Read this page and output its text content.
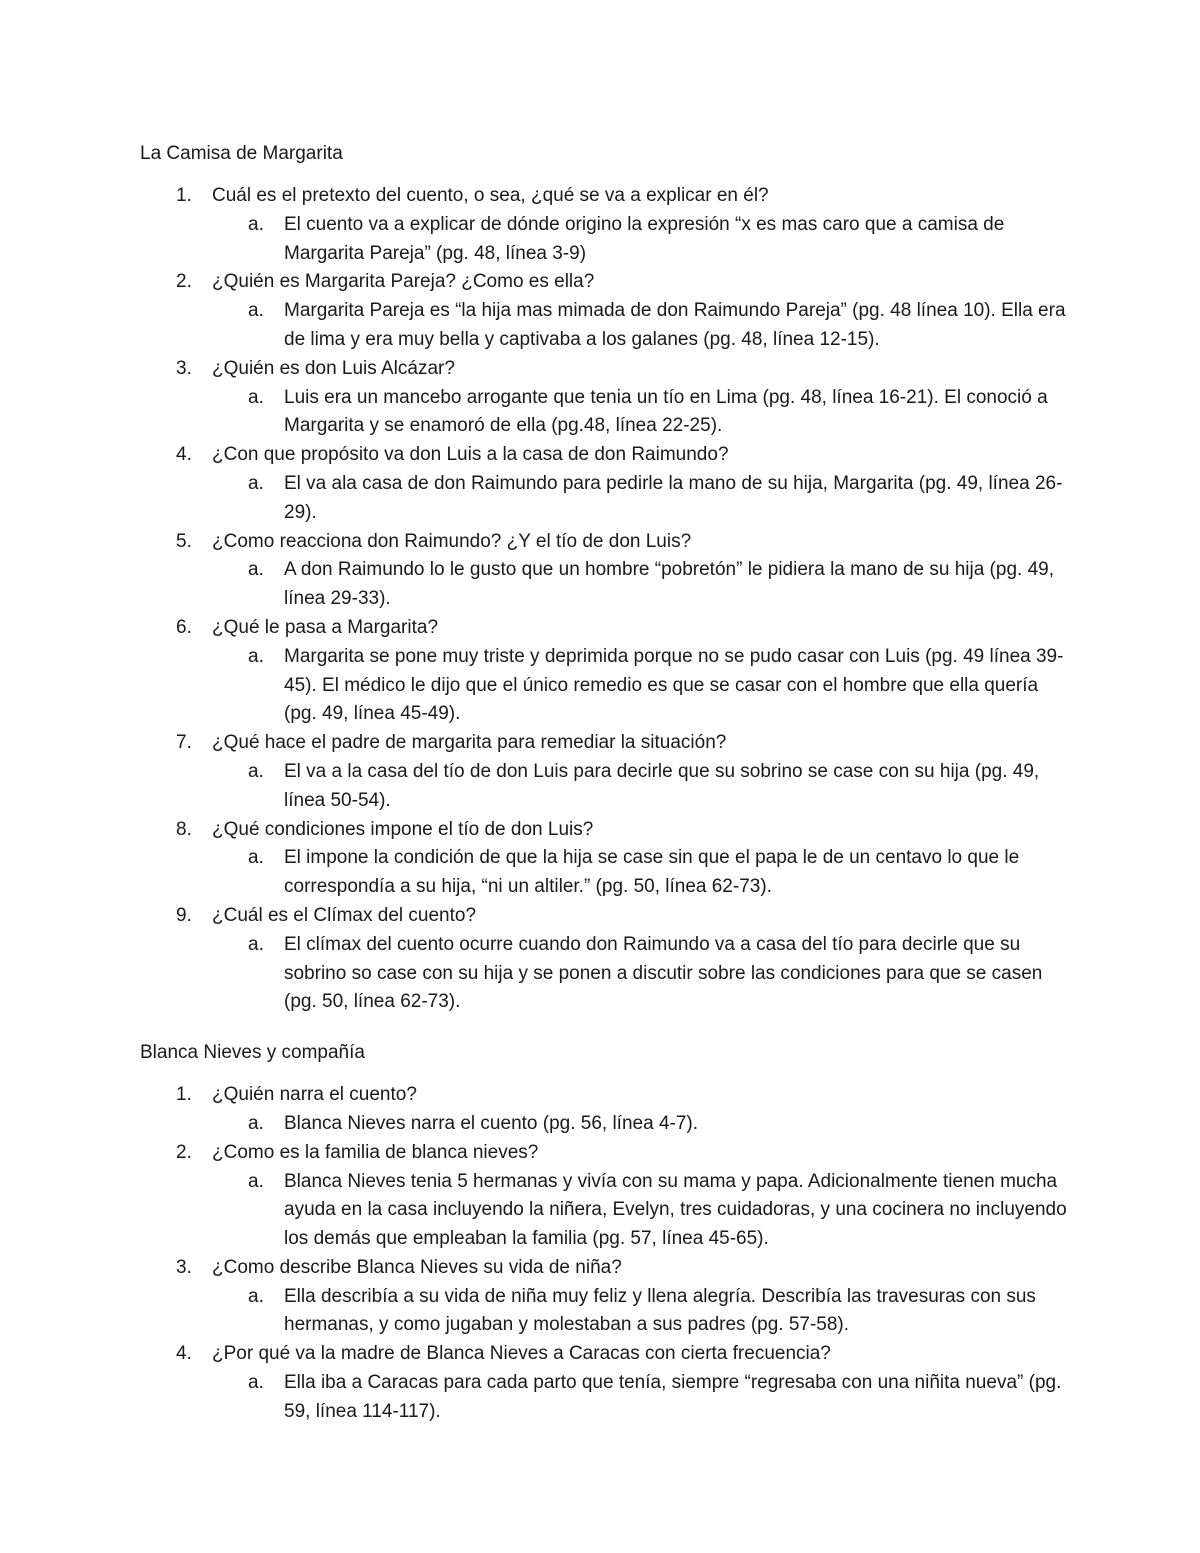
La Camisa de Margarita
1. Cuál es el pretexto del cuento, o sea, ¿qué se va a explicar en él?
a. El cuento va a explicar de dónde origino la expresión “x es mas caro que a camisa de Margarita Pareja” (pg. 48, línea 3-9)
2. ¿Quién es Margarita Pareja? ¿Como es ella?
a. Margarita Pareja es “la hija mas mimada de don Raimundo Pareja” (pg. 48 línea 10). Ella era de lima y era muy bella y captivaba a los galanes (pg. 48, línea 12-15).
3. ¿Quién es don Luis Alcázar?
a. Luis era un mancebo arrogante que tenia un tío en Lima (pg. 48, línea 16-21). El conoció a Margarita y se enamoró de ella (pg.48, línea 22-25).
4. ¿Con que propósito va don Luis a la casa de don Raimundo?
a. El va ala casa de don Raimundo para pedirle la mano de su hija, Margarita (pg. 49, línea 26-29).
5. ¿Como reacciona don Raimundo? ¿Y el tío de don Luis?
a. A don Raimundo lo le gusto que un hombre “pobretón” le pidiera la mano de su hija (pg. 49, línea 29-33).
6. ¿Qué le pasa a Margarita?
a. Margarita se pone muy triste y deprimida porque no se pudo casar con Luis (pg. 49 línea 39-45). El médico le dijo que el único remedio es que se casar con el hombre que ella quería (pg. 49, línea 45-49).
7. ¿Qué hace el padre de margarita para remediar la situación?
a. El va a la casa del tío de don Luis para decirle que su sobrino se case con su hija (pg. 49, línea 50-54).
8. ¿Qué condiciones impone el tío de don Luis?
a. El impone la condición de que la hija se case sin que el papa le de un centavo lo que le correspondía a su hija, “ni un altiler.” (pg. 50, línea 62-73).
9. ¿Cuál es el Clímax del cuento?
a. El clímax del cuento ocurre cuando don Raimundo va a casa del tío para decirle que su sobrino so case con su hija y se ponen a discutir sobre las condiciones para que se casen (pg. 50, línea 62-73).
Blanca Nieves y compañía
1. ¿Quién narra el cuento?
a. Blanca Nieves narra el cuento (pg. 56, línea 4-7).
2. ¿Como es la familia de blanca nieves?
a. Blanca Nieves tenia 5 hermanas y vivía con su mama y papa. Adicionalmente tienen mucha ayuda en la casa incluyendo la niñera, Evelyn, tres cuidadoras, y una cocinera no incluyendo los demás que empleaban la familia (pg. 57, línea 45-65).
3. ¿Como describe Blanca Nieves su vida de niña?
a. Ella describía a su vida de niña muy feliz y llena alegría. Describía las travesuras con sus hermanas, y como jugaban y molestaban a sus padres (pg. 57-58).
4. ¿Por qué va la madre de Blanca Nieves a Caracas con cierta frecuencia?
a. Ella iba a Caracas para cada parto que tenía, siempre “regresaba con una niñita nueva” (pg. 59, línea 114-117).
